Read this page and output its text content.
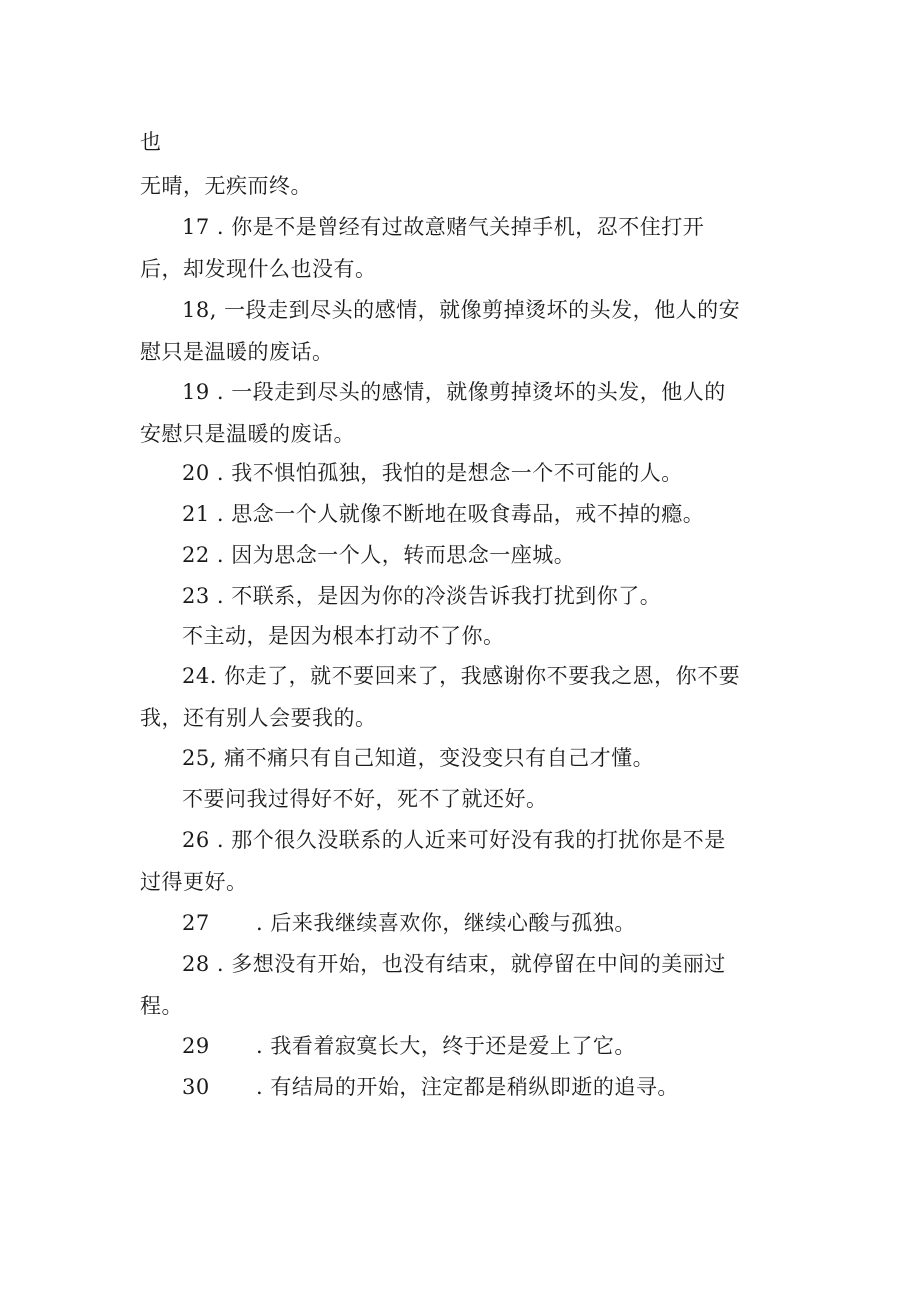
也
无晴，无疾而终。
17 . 你是不是曾经有过故意赌气关掉手机，忍不住打开
后，却发现什么也没有。
18, 一段走到尽头的感情，就像剪掉烫坏的头发，他人的安
慰只是温暖的废话。
19 . 一段走到尽头的感情，就像剪掉烫坏的头发，他人的
安慰只是温暖的废话。
20 . 我不惧怕孤独，我怕的是想念一个不可能的人。
21 . 思念一个人就像不断地在吸食毒品，戒不掉的瘾。
22 . 因为思念一个人，转而思念一座城。
23 . 不联系，是因为你的冷淡告诉我打扰到你了。
不主动，是因为根本打动不了你。
24. 你走了，就不要回来了，我感谢你不要我之恩，你不要
我，还有别人会要我的。
25, 痛不痛只有自己知道，变没变只有自己才懂。
不要问我过得好不好，死不了就还好。
26 . 那个很久没联系的人近来可好没有我的打扰你是不是
过得更好。
27 . 后来我继续喜欢你，继续心酸与孤独。
28 . 多想没有开始，也没有结束，就停留在中间的美丽过
程。
29 . 我看着寂寞长大，终于还是爱上了它。
30 . 有结局的开始，注定都是稍纵即逝的追寻。
